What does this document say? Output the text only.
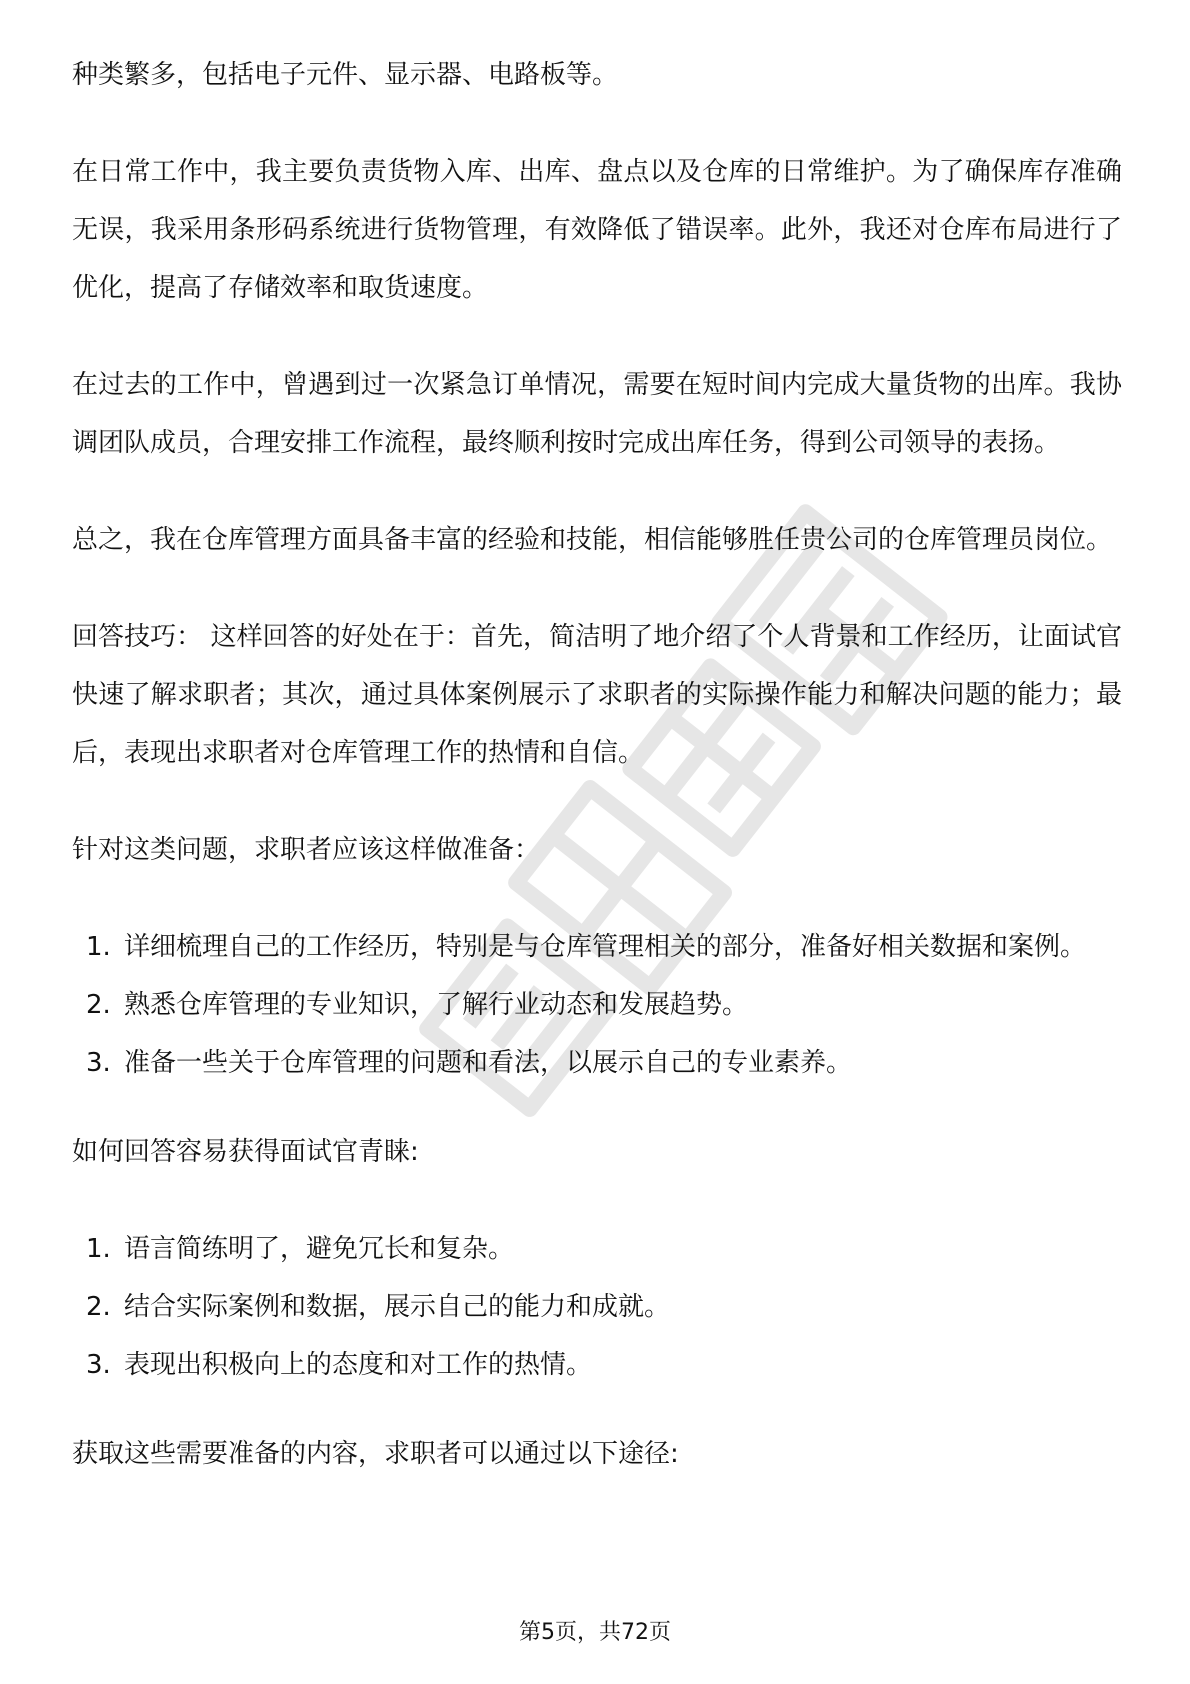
种类繁多，包括电子元件、显示器、电路板等。

在日常工作中，我主要负责货物入库、出库、盘点以及仓库的日常维护。为了确保库存准确无误，我采用条形码系统进行货物管理，有效降低了错误率。此外，我还对仓库布局进行了优化，提高了存储效率和取货速度。

在过去的工作中，曾遇到过一次紧急订单情况，需要在短时间内完成大量货物的出库。我协调团队成员，合理安排工作流程，最终顺利按时完成出库任务，得到公司领导的表扬。

总之，我在仓库管理方面具备丰富的经验和技能，相信能够胜任贵公司的仓库管理员岗位。

回答技巧： 这样回答的好处在于：首先，简洁明了地介绍了个人背景和工作经历，让面试官快速了解求职者；其次，通过具体案例展示了求职者的实际操作能力和解决问题的能力；最后，表现出求职者对仓库管理工作的热情和自信。

针对这类问题，求职者应该这样做准备：

1. 详细梳理自己的工作经历，特别是与仓库管理相关的部分，准备好相关数据和案例。
2. 熟悉仓库管理的专业知识，了解行业动态和发展趋势。
3. 准备一些关于仓库管理的问题和看法，以展示自己的专业素养。

如何回答容易获得面试官青睐:

1. 语言简练明了，避免冗长和复杂。
2. 结合实际案例和数据，展示自己的能力和成就。
3. 表现出积极向上的态度和对工作的热情。

获取这些需要准备的内容，求职者可以通过以下途径:

第5页，共72页
